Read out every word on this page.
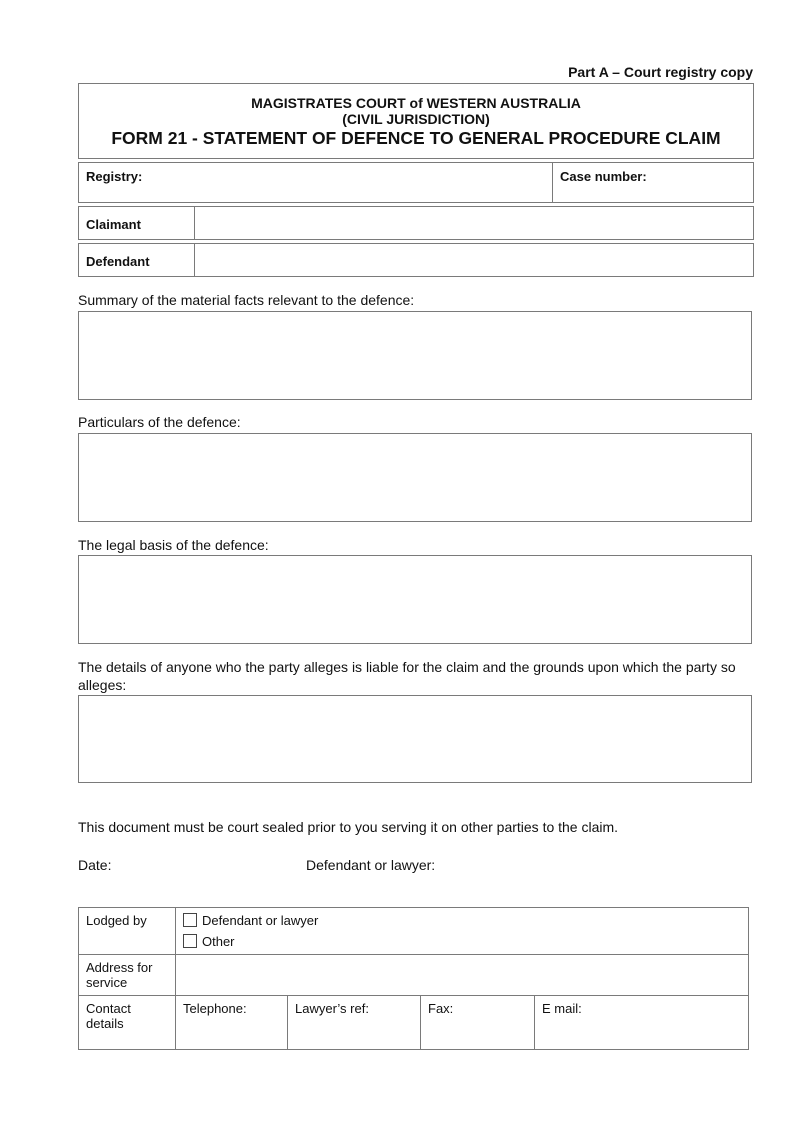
Part A – Court registry copy
MAGISTRATES COURT of WESTERN AUSTRALIA
(CIVIL JURISDICTION)
FORM 21 - STATEMENT OF DEFENCE TO GENERAL PROCEDURE CLAIM
Registry:	Case number:
Claimant
Defendant
Summary of the material facts relevant to the defence:
Particulars of the defence:
The legal basis of the defence:
The details of anyone who the party alleges is liable for the claim and the grounds upon which the party so alleges:
This document must be court sealed prior to you serving it on other parties to the claim.
Date:	Defendant or lawyer:
Lodged by	Defendant or lawyer
Other			

Address for service				
Contact details	Telephone:	Lawyer’s ref:	Fax:	E mail:
